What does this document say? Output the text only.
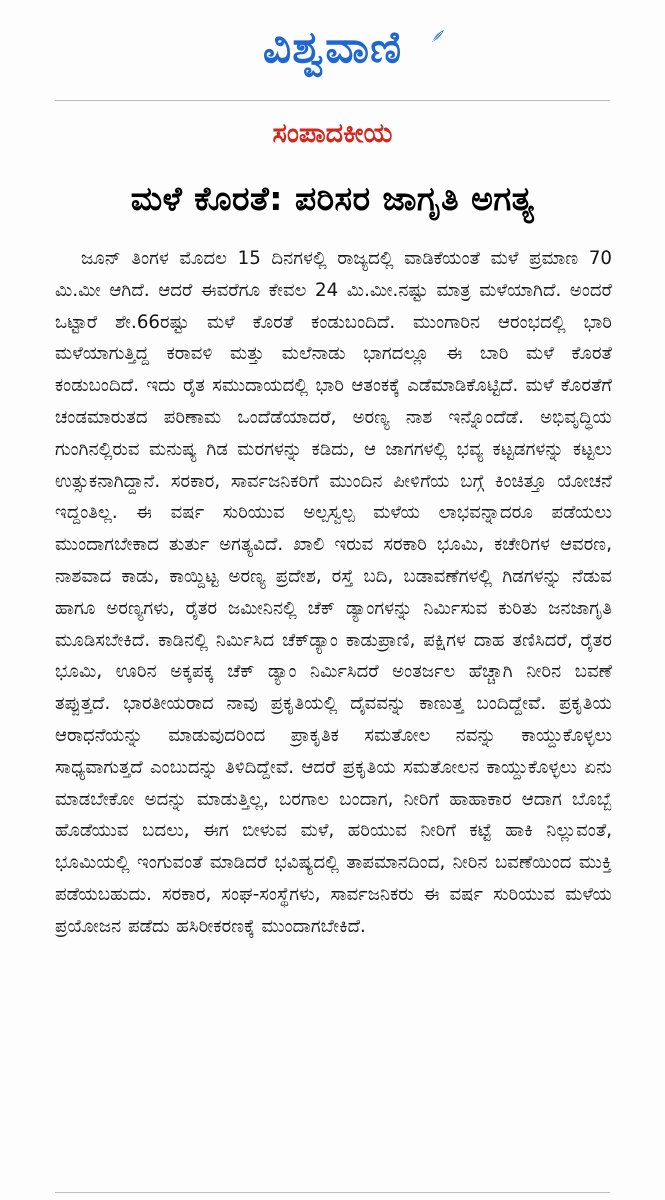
ವಿಶ್ವವಾಣಿ
ಸಂಪಾದಕೀಯ
ಮಳೆ ಕೊರತೆ: ಪರಿಸರ ಜಾಗೃತಿ ಅಗತ್ಯ

ಜೂನ್ ತಿಂಗಳ ಮೊದಲ 15 ದಿನಗಳಲ್ಲಿ ರಾಜ್ಯದಲ್ಲಿ ವಾಡಿಕೆಯಂತೆ ಮಳೆ ಪ್ರಮಾಣ 70 ಮಿ.ಮೀ ಆಗಿದೆ. ಆದರೆ ಈವರೆಗೂ ಕೇವಲ 24 ಮಿ.ಮೀ.ನಷ್ಟು ಮಾತ್ರ ಮಳೆಯಾಗಿದೆ. ಅಂದರೆ ಒಟ್ಟಾರೆ ಶೇ.66ರಷ್ಟು ಮಳೆ ಕೊರತೆ ಕಂಡುಬಂದಿದೆ. ಮುಂಗಾರಿನ ಆರಂಭದಲ್ಲಿ ಭಾರಿ ಮಳೆಯಾಗುತ್ತಿದ್ದ ಕರಾವಳಿ ಮತ್ತು ಮಲೆನಾಡು ಭಾಗದಲ್ಲೂ ಈ ಬಾರಿ ಮಳೆ ಕೊರತೆ ಕಂಡುಬಂದಿದೆ. ಇದು ರೈತ ಸಮುದಾಯದಲ್ಲಿ ಭಾರಿ ಆತಂಕಕ್ಕೆ ಎಡೆಮಾಡಿಕೊಟ್ಟಿದೆ. ಮಳೆ ಕೊರತೆಗೆ ಚಂಡಮಾರುತದ ಪರಿಣಾಮ ಒಂದೆಡೆಯಾದರೆ, ಅರಣ್ಯ ನಾಶ ಇನ್ನೊಂದೆಡೆ. ಅಭಿವೃದ್ಧಿಯ ಗುಂಗಿನಲ್ಲಿರುವ ಮನುಷ್ಯ ಗಿಡ ಮರಗಳನ್ನು ಕಡಿದು, ಆ ಜಾಗಗಳಲ್ಲಿ ಭವ್ಯ ಕಟ್ಟಡಗಳನ್ನು ಕಟ್ಟಲು ಉತ್ಸುಕನಾಗಿದ್ದಾನೆ. ಸರಕಾರ, ಸಾರ್ವಜನಿಕರಿಗೆ ಮುಂದಿನ ಪೀಳಿಗೆಯ ಬಗ್ಗೆ ಕಿಂಚಿತ್ತೂ ಯೋಚನೆ ಇದ್ದಂತಿಲ್ಲ. ಈ ವರ್ಷ ಸುರಿಯುವ ಅಲ್ಪಸ್ವಲ್ಪ ಮಳೆಯ ಲಾಭವನ್ನಾದರೂ ಪಡೆಯಲು ಮುಂದಾಗಬೇಕಾದ ತುರ್ತು ಅಗತ್ಯವಿದೆ. ಖಾಲಿ ಇರುವ ಸರಕಾರಿ ಭೂಮಿ, ಕಚೇರಿಗಳ ಆವರಣ, ನಾಶವಾದ ಕಾಡು, ಕಾಯ್ದಿಟ್ಟ ಅರಣ್ಯ ಪ್ರದೇಶ, ರಸ್ತೆ ಬದಿ, ಬಡಾವಣೆಗಳಲ್ಲಿ ಗಿಡಗಳನ್ನು ನೆಡುವ ಹಾಗೂ ಅರಣ್ಯಗಳು, ರೈತರ ಜಮೀನಿನಲ್ಲಿ ಚೆಕ್ ಡ್ಯಾಂಗಳನ್ನು ನಿರ್ಮಿಸುವ ಕುರಿತು ಜನಜಾಗೃತಿ ಮೂಡಿಸಬೇಕಿದೆ. ಕಾಡಿನಲ್ಲಿ ನಿರ್ಮಿಸಿದ ಚೆಕ್‌ಡ್ಯಾಂ ಕಾಡುಪ್ರಾಣಿ, ಪಕ್ಷಿಗಳ ದಾಹ ತಣಿಸಿದರೆ, ರೈತರ ಭೂಮಿ, ಊರಿನ ಅಕ್ಕಪಕ್ಕ ಚೆಕ್ ಡ್ಯಾಂ ನಿರ್ಮಿಸಿದರೆ ಅಂತರ್ಜಲ ಹೆಚ್ಚಾಗಿ ನೀರಿನ ಬವಣೆ ತಪ್ಪುತ್ತದೆ. ಭಾರತೀಯರಾದ ನಾವು ಪ್ರಕೃತಿಯಲ್ಲಿ ದೈವವನ್ನು ಕಾಣುತ್ತ ಬಂದಿದ್ದೇವೆ. ಪ್ರಕೃತಿಯ ಆರಾಧನೆಯನ್ನು ಮಾಡುವುದರಿಂದ ಪ್ರಾಕೃತಿಕ ಸಮತೋಲ ನವನ್ನು ಕಾಯ್ದುಕೊಳ್ಳಲು ಸಾಧ್ಯವಾಗುತ್ತದೆ ಎಂಬುದನ್ನು ತಿಳಿದಿದ್ದೇವೆ. ಆದರೆ ಪ್ರಕೃತಿಯ ಸಮತೋಲನ ಕಾಯ್ದುಕೊಳ್ಳಲು ಏನು ಮಾಡಬೇಕೋ ಅದನ್ನು ಮಾಡುತ್ತಿಲ್ಲ, ಬರಗಾಲ ಬಂದಾಗ, ನೀರಿಗೆ ಹಾಹಾಕಾರ ಆದಾಗ ಬೊಬ್ಬೆ ಹೊಡೆಯುವ ಬದಲು, ಈಗ ಬೀಳುವ ಮಳೆ, ಹರಿಯುವ ನೀರಿಗೆ ಕಟ್ಟೆ ಹಾಕಿ ನಿಲ್ಲುವಂತೆ, ಭೂಮಿಯಲ್ಲಿ ಇಂಗುವಂತೆ ಮಾಡಿದರೆ ಭವಿಷ್ಯದಲ್ಲಿ ತಾಪಮಾನದಿಂದ, ನೀರಿನ ಬವಣೆಯಿಂದ ಮುಕ್ತಿ ಪಡೆಯಬಹುದು. ಸರಕಾರ, ಸಂಘ-ಸಂಸ್ಥೆಗಳು, ಸಾರ್ವಜನಿಕರು ಈ ವರ್ಷ ಸುರಿಯುವ ಮಳೆಯ ಪ್ರಯೋಜನ ಪಡೆದು ಹಸಿರೀಕರಣಕ್ಕೆ ಮುಂದಾಗಬೇಕಿದೆ.
